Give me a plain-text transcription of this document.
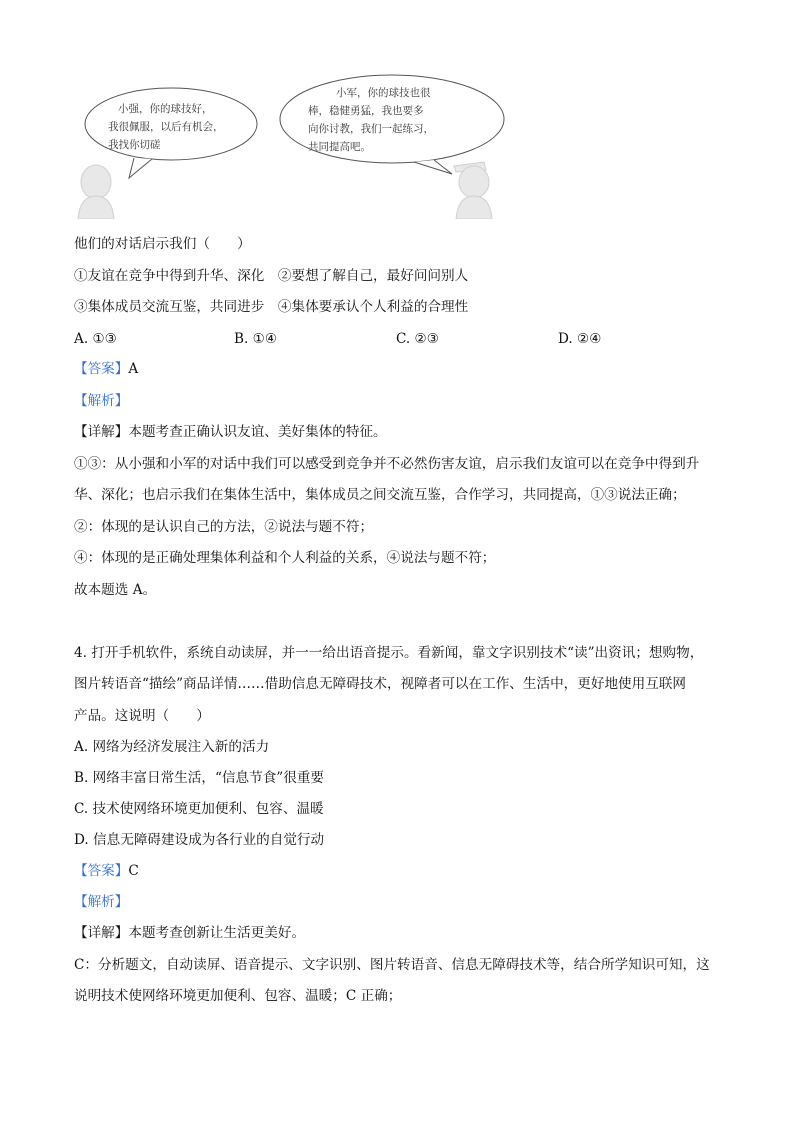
小强，你的球技好，
我很佩服，以后有机会，
我找你切磋
小军，你的球技也很
棒，稳健勇猛，我也要多
向你讨教，我们一起练习，
共同提高吧。
他们的对话启示我们（　　）
①友谊在竞争中得到升华、深化　②要想了解自己，最好问问别人
③集体成员交流互鉴，共同进步　④集体要承认个人利益的合理性
A. ①③	B. ①④	C. ②③	D. ②④
【答案】A
【解析】
【详解】本题考查正确认识友谊、美好集体的特征。
①③：从小强和小军的对话中我们可以感受到竞争并不必然伤害友谊，启示我们友谊可以在竞争中得到升
华、深化；也启示我们在集体生活中，集体成员之间交流互鉴，合作学习，共同提高，①③说法正确；
②：体现的是认识自己的方法，②说法与题不符；
④：体现的是正确处理集体利益和个人利益的关系，④说法与题不符；
故本题选 A。
4. 打开手机软件，系统自动读屏，并一一给出语音提示。看新闻，靠文字识别技术“读”出资讯；想购物，
图片转语音“描绘”商品详情……借助信息无障碍技术，视障者可以在工作、生活中，更好地使用互联网
产品。这说明（　　）
A. 网络为经济发展注入新的活力
B. 网络丰富日常生活，“信息节食”很重要
C. 技术使网络环境更加便利、包容、温暖
D. 信息无障碍建设成为各行业的自觉行动
【答案】C
【解析】
【详解】本题考查创新让生活更美好。
C：分析题文，自动读屏、语音提示、文字识别、图片转语音、信息无障碍技术等，结合所学知识可知，这
说明技术使网络环境更加便利、包容、温暖；C 正确；
